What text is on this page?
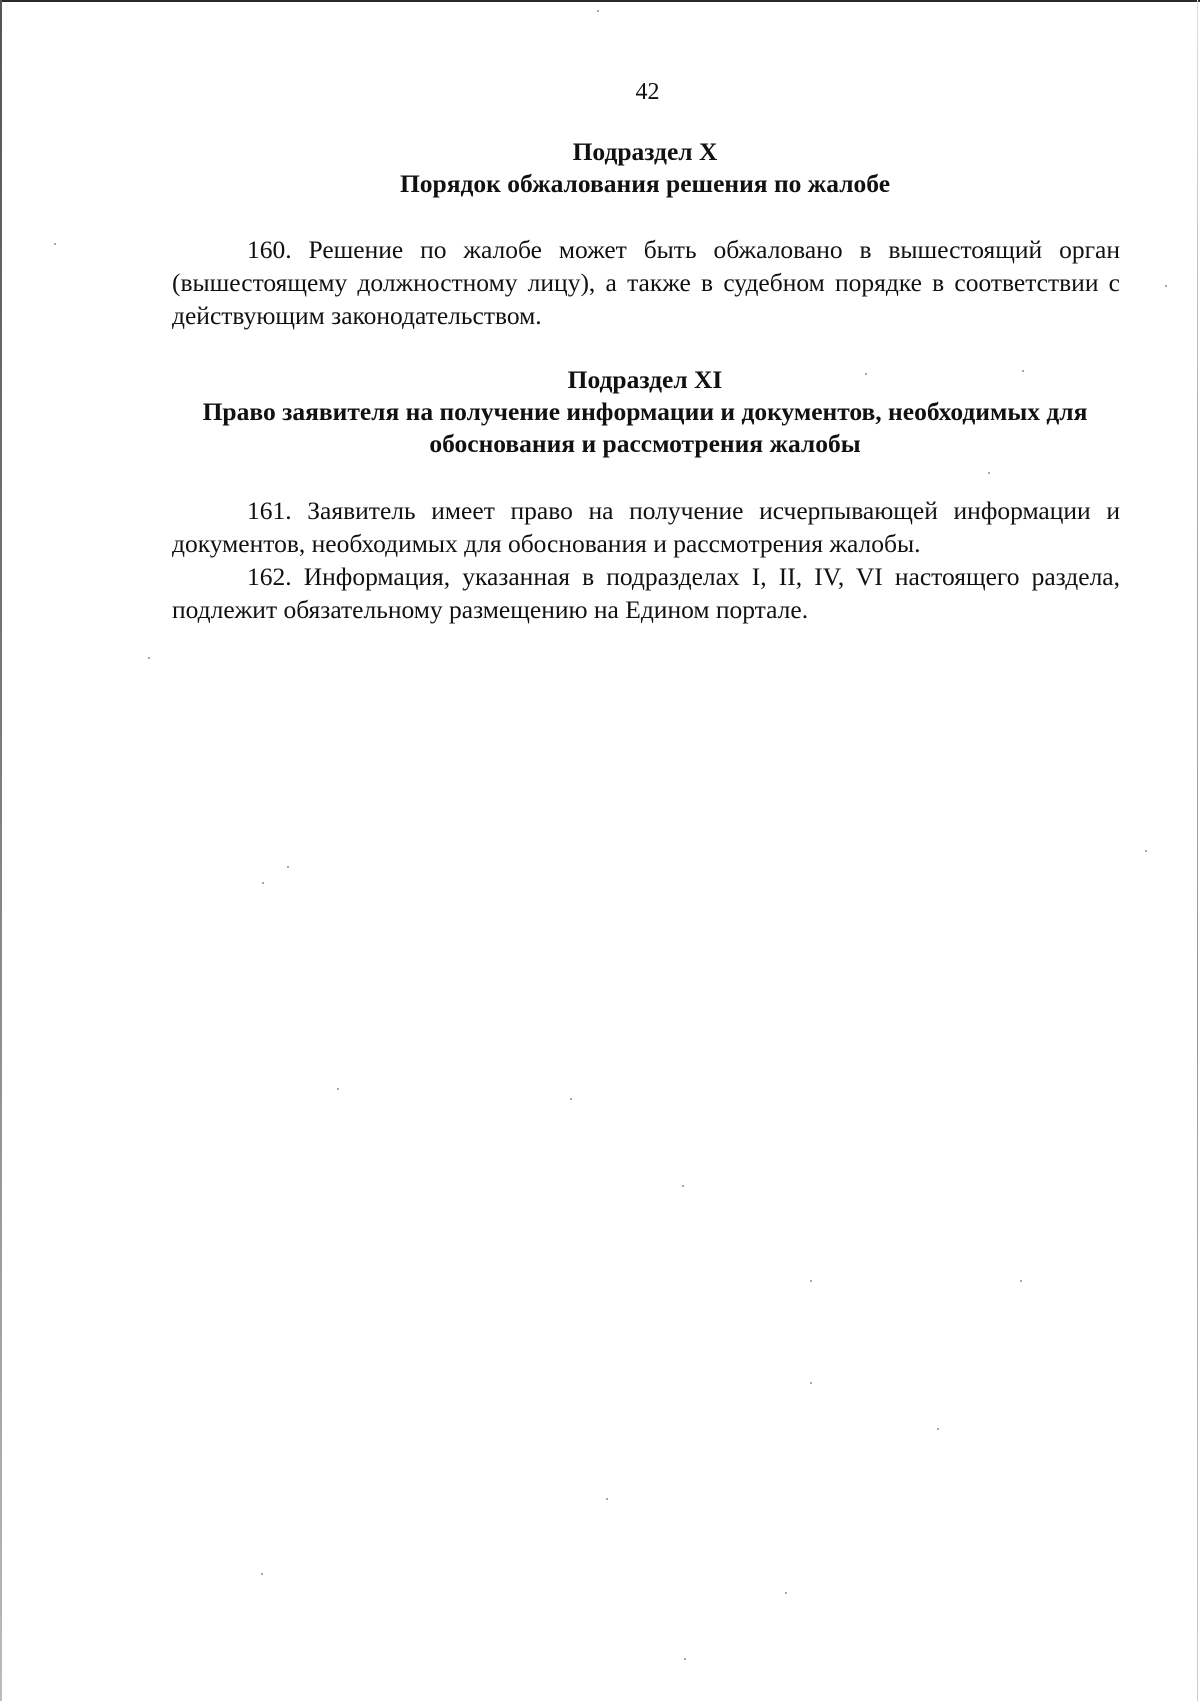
42
Подраздел X
Порядок обжалования решения по жалобе

160. Решение по жалобе может быть обжаловано в вышестоящий орган (вышестоящему должностному лицу), а также в судебном порядке в соответствии с действующим законодательством.

Подраздел XI
Право заявителя на получение информации и документов, необходимых для
обоснования и рассмотрения жалобы

161. Заявитель имеет право на получение исчерпывающей информации и документов, необходимых для обоснования и рассмотрения жалобы.

162. Информация, указанная в подразделах I, II, IV, VI настоящего раздела, подлежит обязательному размещению на Едином портале.
